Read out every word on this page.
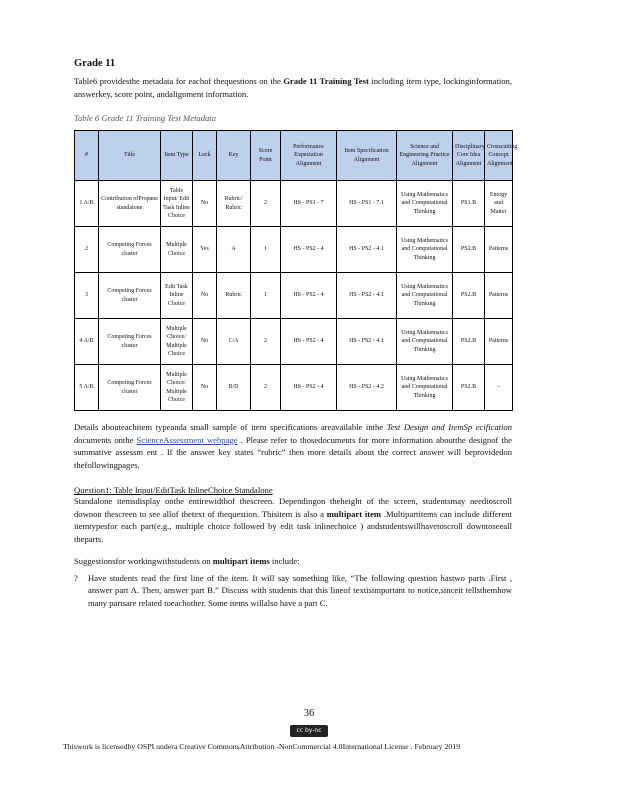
Grade 11

Table6 providesthe metadata for eachof thequestions on the Grade 11 Training Test including item type, lockinginformation, answerkey, score point, andalignment information.

Table 6 Grade 11 Training Test Metadata
#	Title	Item Type	Lock	Key	Score Point	Performance Expectation Alignment	Item Specification Alignment	Science and Engineering Practice Alignment	Disciplinary Core Idea Alignment	Crosscutting Concept Alignment
1 A/B	Contribution ofPropane standalone	Table Input/ Edit Task Inline Choice	No	Rubric/ Rubric	2	HS - PS1 - 7	HS - PS1 - 7.1	Using Mathematics and Computational Thinking	PS1.B	Energy and Matter
2	Competing Forces cluster	Multiple Choice	Yes	A	1	HS - PS2 - 4	HS - PS2 - 4.1	Using Mathematics and Computational Thinking	PS2.B	Patterns
3	Competing Forces cluster	Edit Task Inline Choice	No	Rubric	1	HS - PS2 - 4	HS - PS2 - 4.1	Using Mathematics and Computational Thinking	PS2.B	Patterns
4 A/B	Competing Forces cluster	Multiple Choice/ Multiple Choice	No	C/A	2	HS - PS2 - 4	HS - PS2 - 4.1	Using Mathematics and Computational Thinking	PS2.B	Patterns
5 A/B	Competing Forces cluster	Multiple Choice/ Multiple Choice	No	B/D	2	HS - PS2 - 4	HS - PS2 - 4.2	Using Mathematics and Computational Thinking	PS2.B	–

Details abouteachitem typeanda small sample of item specifications areavailable inthe Test Design and ItemSp ecification documents onthe ScienceAssessment webpage . Please refer to thosedocuments for more information aboutthe designof the summative assessm ent . If the answer key states “rubric” then more details about the correct answer will beprovidedon thefollowingpages.

Question1: Table Input/EditTask InlineChoice Standalone

Standalone itemsdisplay onthe entirewidthof thescreen. Dependingon theheight of the screen, studentsmay needtoscroll downon thescreen to see allof thetext of thequestion. Thisitem is also a multipart item .Multipartitems can include different itemtypesfor each part(e.g., multiple choice followed by edit task inlinechoice ) andstudentswillhavetoscroll downtoseeall theparts.

Suggestionsfor workingwithstudents on multipart items include:

? Have students read the first line of the item. It will say something like, “The following question hastwo parts .First , answer part A. Then, answer part B.” Discuss with students that this lineof textisimportant to notice,sinceit tellsthemhow many partsare related toeachother. Some items willalso have a part C.
36
cc by-nc
Thiswork is licensedby OSPI undera Creative CommonsAttribution -NonCommercial 4.0International License . February 2019
